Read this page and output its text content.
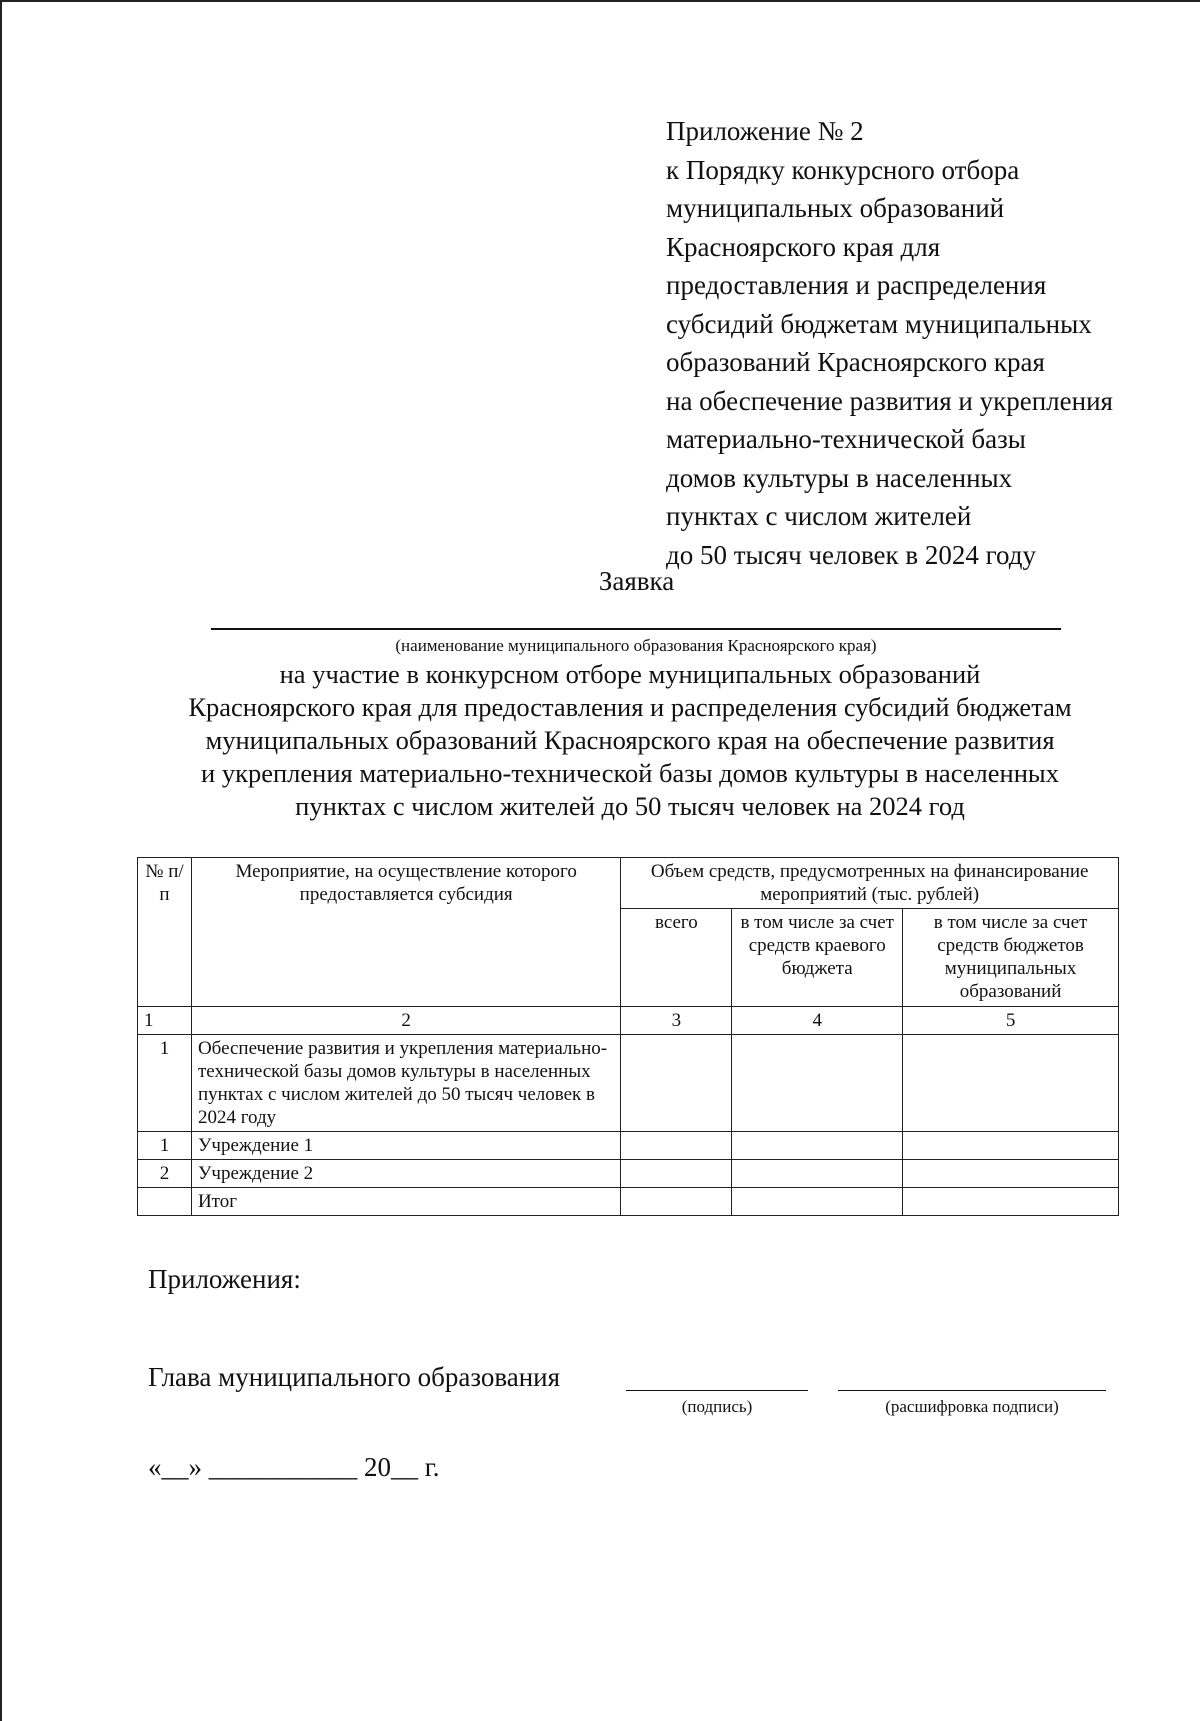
Приложение № 2
к Порядку конкурсного отбора
муниципальных образований
Красноярского края для
предоставления и распределения
субсидий бюджетам муниципальных
образований Красноярского края
на обеспечение развития и укрепления
материально-технической базы
домов культуры в населенных
пунктах с числом жителей
до 50 тысяч человек в 2024 году
Заявка
(наименование муниципального образования Красноярского края)
на участие в конкурсном отборе муниципальных образований
Красноярского края для предоставления и распределения субсидий бюджетам
муниципальных образований Красноярского края на обеспечение развития
и укрепления материально-технической базы домов культуры в населенных
пунктах с числом жителей до 50 тысяч человек на 2024 год
№ п/п	Мероприятие, на осуществление которого предоставляется субсидия	Объем средств, предусмотренных на финансирование мероприятий (тыс. рублей)		
		всего	в том числе за счет средств краевого бюджета	в том числе за счет средств бюджетов муниципальных образований
1	2	3	4	5
1	Обеспечение развития и укрепления материально-технической базы домов культуры в населенных пунктах с числом жителей до 50 тысяч человек в 2024 году			
1	Учреждение 1			
2	Учреждение 2			
	Итог			
Приложения:
Глава муниципального образования
(подпись)	(расшифровка подписи)
«__» ___________ 20__ г.
